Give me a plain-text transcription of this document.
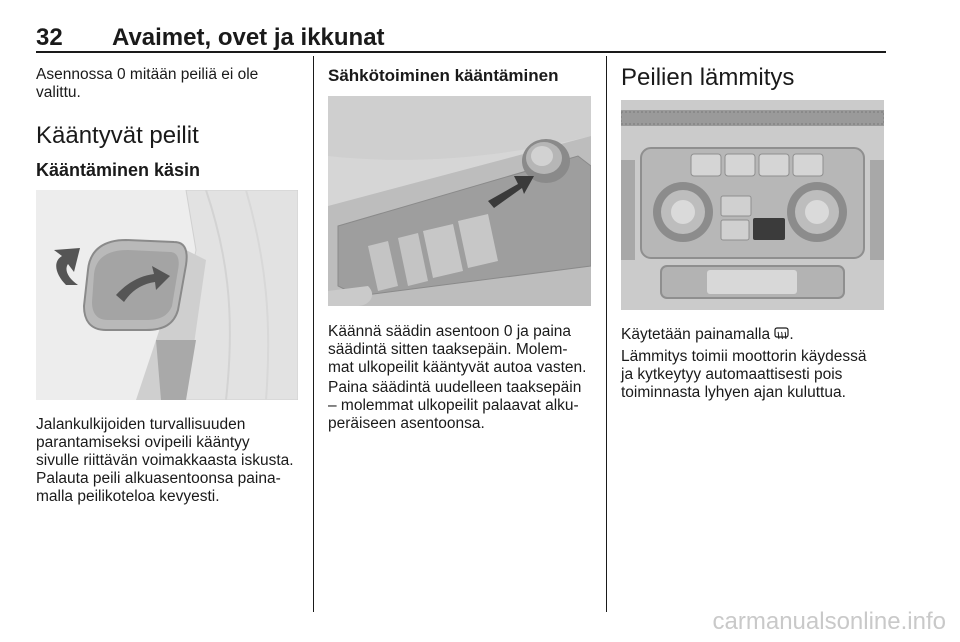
32 Avaimet, ovet ja ikkunat

Asennossa 0 mitään peiliä ei ole

valittu.

Kääntyvät peilit
Kääntäminen käsin

Jalankulkijoiden turvallisuuden

parantamiseksi ovipeili kääntyy

sivulle riittävän voimakkaasta iskusta.

Palauta peili alkuasentoonsa paina-

malla peilikoteloa kevyesti.

Sähkötoiminen kääntäminen

Käännä säädin asentoon 0 ja paina

säädintä sitten taaksepäin. Molem-

mat ulkopeilit kääntyvät autoa vasten.

Paina säädintä uudelleen taaksepäin

– molemmat ulkopeilit palaavat alku-

peräiseen asentoonsa.

Peilien lämmitys
Käytetään painamalla .

Lämmitys toimii moottorin käydessä

ja kytkeytyy automaattisesti pois

toiminnasta lyhyen ajan kuluttua.

carmanualsonline.info
